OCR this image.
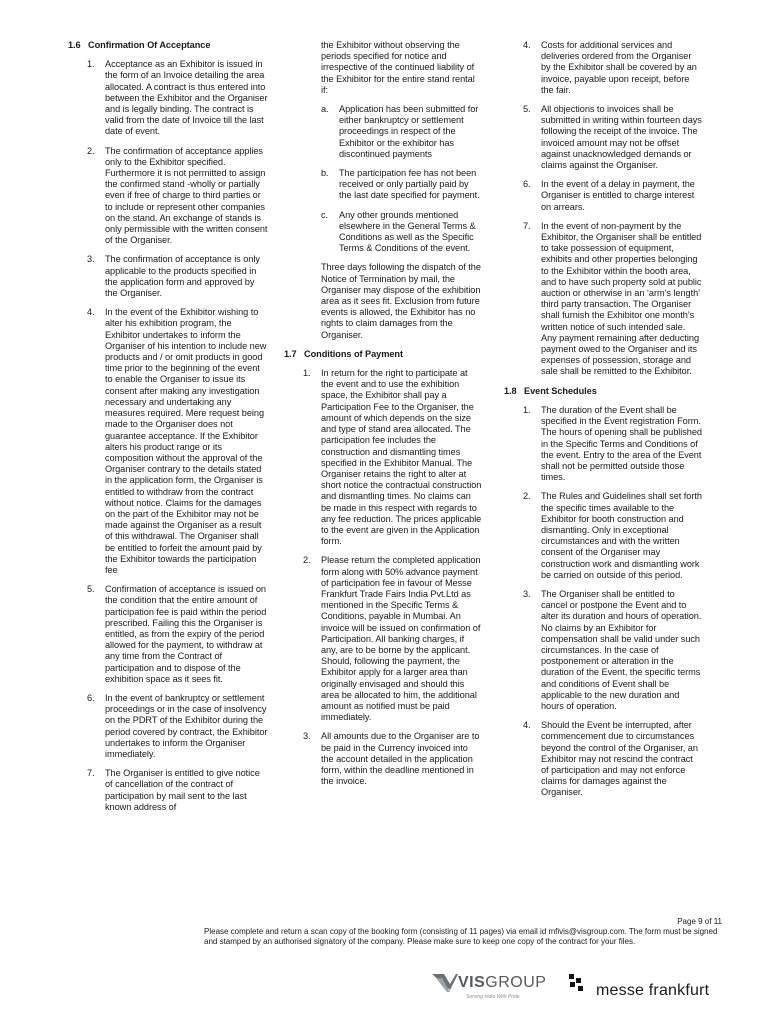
1.6 Confirmation Of Acceptance
1. Acceptance as an Exhibitor is issued in the form of an Invoice detailing the area allocated. A contract is thus entered into between the Exhibitor and the Organiser and is legally binding. The contract is valid from the date of Invoice till the last date of event.
2. The confirmation of acceptance applies only to the Exhibitor specified. Furthermore it is not permitted to assign the confirmed stand -wholly or partially even if free of charge to third parties or to include or represent other companies on the stand. An exchange of stands is only permissible with the written consent of the Organiser.
3. The confirmation of acceptance is only applicable to the products specified in the application form and approved by the Organiser.
4. In the event of the Exhibitor wishing to alter his exhibition program, the Exhibitor undertakes to inform the Organiser of his intention to include new products and / or omit products in good time prior to the beginning of the event to enable the Organiser to issue its consent after making any investigation necessary and undertaking any measures required. Mere request being made to the Organiser does not guarantee acceptance. If the Exhibitor alters his product range or its composition without the approval of the Organiser contrary to the details stated in the application form, the Organiser is entitled to withdraw from the contract without notice. Claims for the damages on the part of the Exhibitor may not be made against the Organiser as a result of this withdrawal. The Organiser shall be entitled to forfeit the amount paid by the Exhibitor towards the participation fee
5. Confirmation of acceptance is issued on the condition that the entire amount of participation fee is paid within the period prescribed. Failing this the Organiser is entitled, as from the expiry of the period allowed for the payment, to withdraw at any time from the Contract of participation and to dispose of the exhibition space as it sees fit.
6. In the event of bankruptcy or settlement proceedings or in the case of insolvency on the PDRT of the Exhibitor during the period covered by contract, the Exhibitor undertakes to inform the Organiser immediately.
7. The Organiser is entitled to give notice of cancellation of the contract of participation by mail sent to the last known address of
the Exhibitor without observing the periods specified for notice and irrespective of the continued liability of the Exhibitor for the entire stand rental if:
a. Application has been submitted for either bankruptcy or settlement proceedings in respect of the Exhibitor or the exhibitor has discontinued payments
b. The participation fee has not been received or only partially paid by the last date specified for payment.
c. Any other grounds mentioned elsewhere in the General Terms & Conditions as well as the Specific Terms & Conditions of the event.
Three days following the dispatch of the Notice of Termination by mail, the Organiser may dispose of the exhibition area as it sees fit. Exclusion from future events is allowed, the Exhibitor has no rights to claim damages from the Organiser.
1.7 Conditions of Payment
1. In return for the right to participate at the event and to use the exhibition space, the Exhibitor shall pay a Participation Fee to the Organiser, the amount of which depends on the size and type of stand area allocated. The participation fee includes the construction and dismantling times specified in the Exhibitor Manual. The Organiser retains the right to alter at short notice the contractual construction and dismantling times. No claims can be made in this respect with regards to any fee reduction. The prices applicable to the event are given in the Application form.
2. Please return the completed application form along with 50% advance payment of participation fee in favour of Messe Frankfurt Trade Fairs India Pvt.Ltd as mentioned in the Specific Terms & Conditions, payable in Mumbai. An invoice will be issued on confirmation of Participation. All banking charges, if any, are to be borne by the applicant. Should, following the payment, the Exhibitor apply for a larger area than originally envisaged and should this area be allocated to him, the additional amount as notified must be paid immediately.
3. All amounts due to the Organiser are to be paid in the Currency invoiced into the account detailed in the application form, within the deadline mentioned in the invoice.
4. Costs for additional services and deliveries ordered from the Organiser by the Exhibitor shall be covered by an invoice, payable upon receipt, before the fair.
5. All objections to invoices shall be submitted in writing within fourteen days following the receipt of the invoice. The invoiced amount may not be offset against unacknowledged demands or claims against the Organiser.
6. In the event of a delay in payment, the Organiser is entitled to charge interest on arrears.
7. In the event of non-payment by the Exhibitor, the Organiser shall be entitled to take possession of equipment, exhibits and other properties belonging to the Exhibitor within the booth area, and to have such property sold at public auction or otherwise in an ‘arm’s length’ third party transaction. The Organiser shall furnish the Exhibitor one month’s written notice of such intended sale. Any payment remaining after deducting payment owed to the Organiser and its expenses of possession, storage and sale shall be remitted to the Exhibitor.
1.8 Event Schedules
1. The duration of the Event shall be specified in the Event registration Form. The hours of opening shall be published in the Specific Terms and Conditions of the event. Entry to the area of the Event shall not be permitted outside those times.
2. The Rules and Guidelines shall set forth the specific times available to the Exhibitor for booth construction and dismantling. Only in exceptional circumstances and with the written consent of the Organiser may construction work and dismantling work be carried on outside of this period.
3. The Organiser shall be entitled to cancel or postpone the Event and to alter its duration and hours of operation. No claims by an Exhibitor for compensation shall be valid under such circumstances. In the case of postponement or alteration in the duration of the Event, the specific terms and conditions of Event shall be applicable to the new duration and hours of operation.
4. Should the Event be interrupted, after commencement due to circumstances beyond the control of the Organiser, an Exhibitor may not rescind the contract of participation and may not enforce claims for damages against the Organiser.
Page 9 of 11
Please complete and return a scan copy of the booking form (consisting of 11 pages) via email id mfivis@visgroup.com. The form must be signed and stamped by an authorised signatory of the company. Please make sure to keep one copy of the contract for your files.
VISGROUP
Serving India With Pride	messe frankfurt
